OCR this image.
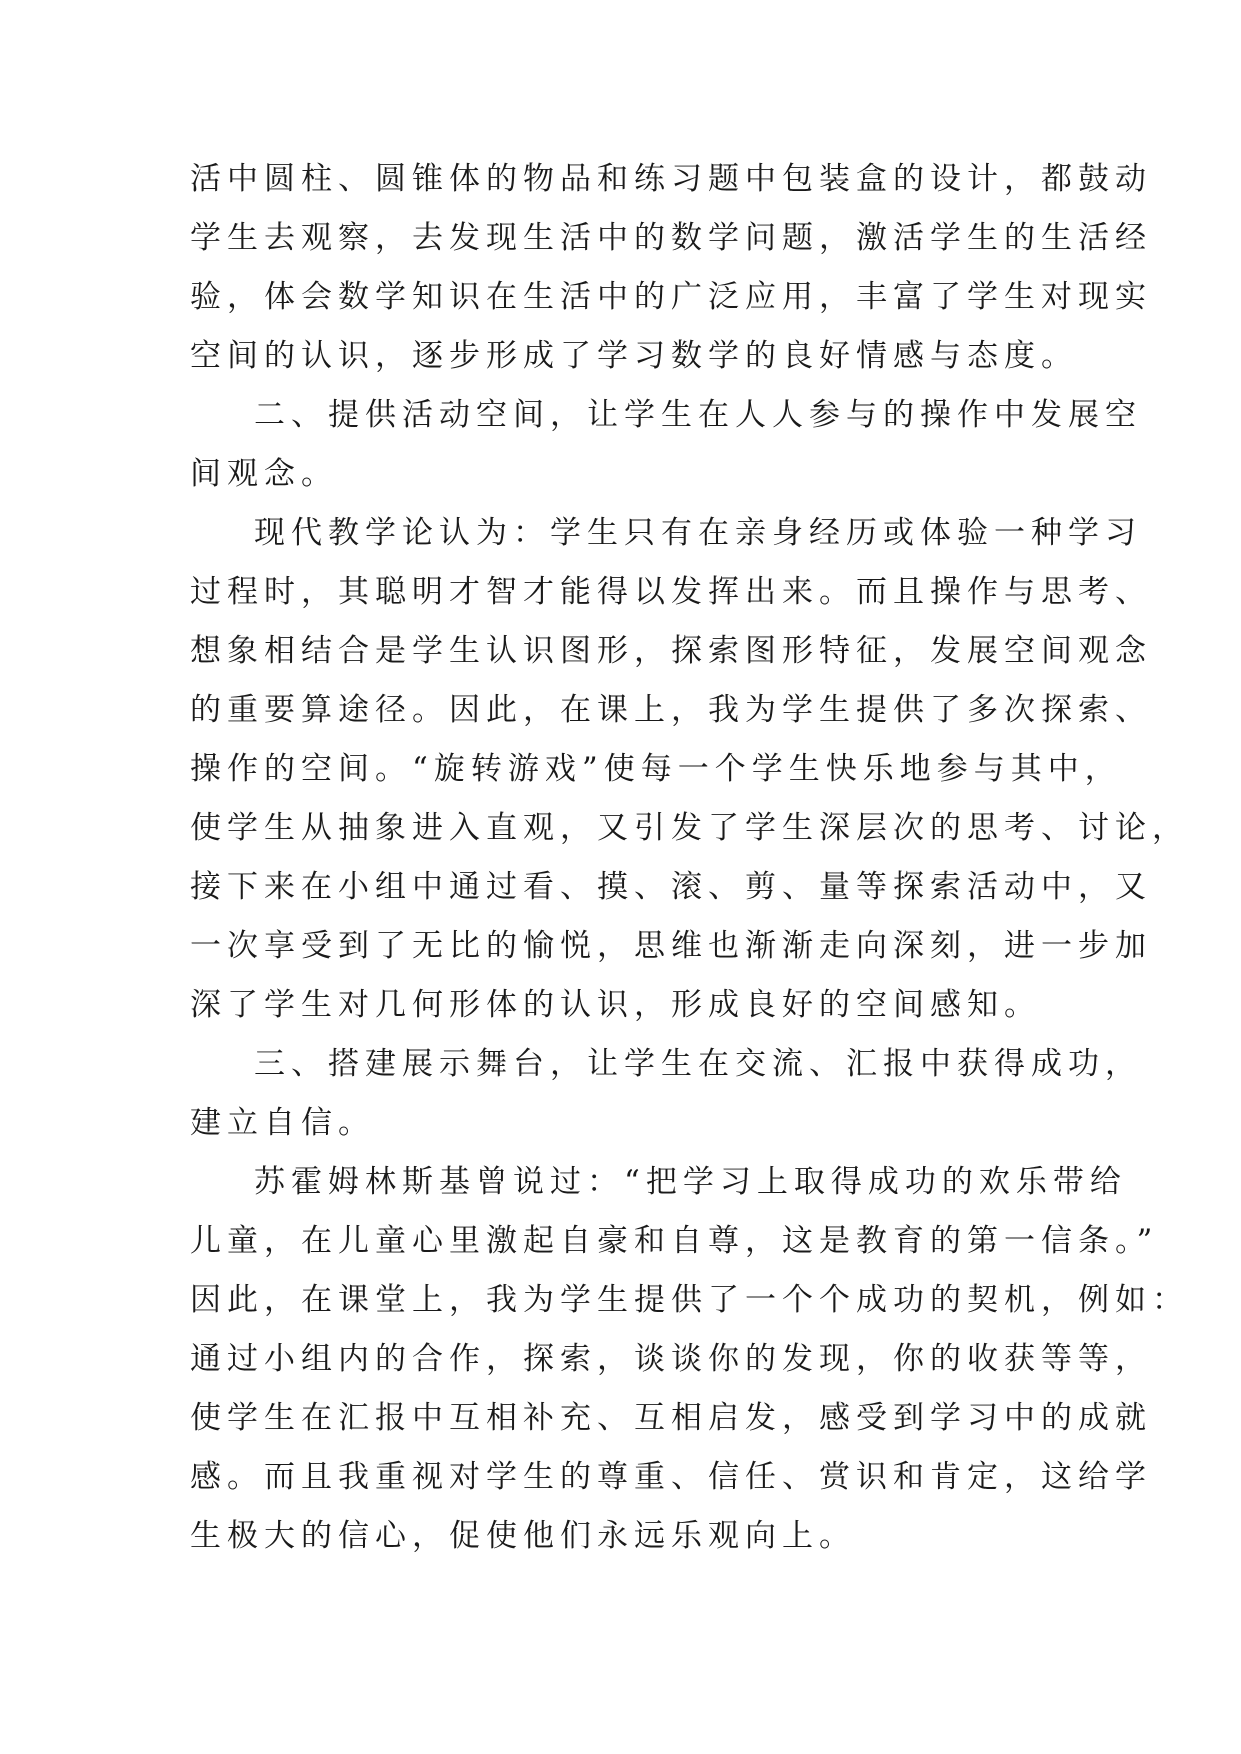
活中圆柱、圆锥体的物品和练习题中包装盒的设计，都鼓动
学生去观察，去发现生活中的数学问题，激活学生的生活经
验，体会数学知识在生活中的广泛应用，丰富了学生对现实
空间的认识，逐步形成了学习数学的良好情感与态度。
二、提供活动空间，让学生在人人参与的操作中发展空
间观念。
现代教学论认为：学生只有在亲身经历或体验一种学习
过程时，其聪明才智才能得以发挥出来。而且操作与思考、
想象相结合是学生认识图形，探索图形特征，发展空间观念
的重要算途径。因此，在课上，我为学生提供了多次探索、
操作的空间。“旋转游戏”使每一个学生快乐地参与其中，
使学生从抽象进入直观，又引发了学生深层次的思考、讨论，
接下来在小组中通过看、摸、滚、剪、量等探索活动中，又
一次享受到了无比的愉悦，思维也渐渐走向深刻，进一步加
深了学生对几何形体的认识，形成良好的空间感知。
三、搭建展示舞台，让学生在交流、汇报中获得成功，
建立自信。
苏霍姆林斯基曾说过：“把学习上取得成功的欢乐带给
儿童，在儿童心里激起自豪和自尊，这是教育的第一信条。”
因此，在课堂上，我为学生提供了一个个成功的契机，例如：
通过小组内的合作，探索，谈谈你的发现，你的收获等等，
使学生在汇报中互相补充、互相启发，感受到学习中的成就
感。而且我重视对学生的尊重、信任、赏识和肯定，这给学
生极大的信心，促使他们永远乐观向上。
